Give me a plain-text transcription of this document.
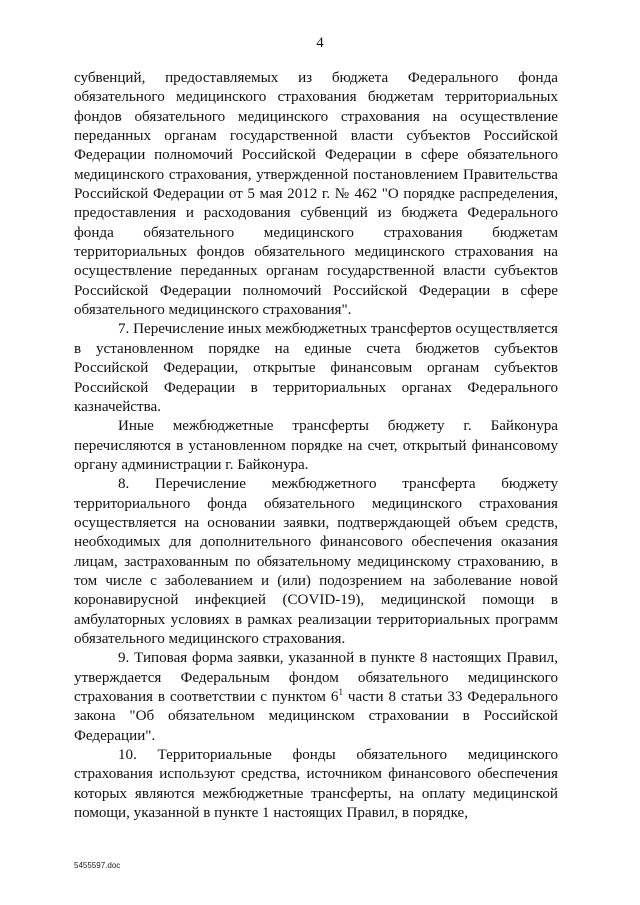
4

субвенций, предоставляемых из бюджета Федерального фонда обязательного медицинского страхования бюджетам территориальных фондов обязательного медицинского страхования на осуществление переданных органам государственной власти субъектов Российской Федерации полномочий Российской Федерации в сфере обязательного медицинского страхования, утвержденной постановлением Правительства Российской Федерации от 5 мая 2012 г. № 462 "О порядке распределения, предоставления и расходования субвенций из бюджета Федерального фонда обязательного медицинского страхования бюджетам территориальных фондов обязательного медицинского страхования на осуществление переданных органам государственной власти субъектов Российской Федерации полномочий Российской Федерации в сфере обязательного медицинского страхования".

7. Перечисление иных межбюджетных трансфертов осуществляется в установленном порядке на единые счета бюджетов субъектов Российской Федерации, открытые финансовым органам субъектов Российской Федерации в территориальных органах Федерального казначейства.

Иные межбюджетные трансферты бюджету г. Байконура перечисляются в установленном порядке на счет, открытый финансовому органу администрации г. Байконура.

8. Перечисление межбюджетного трансферта бюджету территориального фонда обязательного медицинского страхования осуществляется на основании заявки, подтверждающей объем средств, необходимых для дополнительного финансового обеспечения оказания лицам, застрахованным по обязательному медицинскому страхованию, в том числе с заболеванием и (или) подозрением на заболевание новой коронавирусной инфекцией (COVID-19), медицинской помощи в амбулаторных условиях в рамках реализации территориальных программ обязательного медицинского страхования.

9. Типовая форма заявки, указанной в пункте 8 настоящих Правил, утверждается Федеральным фондом обязательного медицинского страхования в соответствии с пунктом $6^1$ части 8 статьи 33 Федерального закона "Об обязательном медицинском страховании в Российской Федерации".

10. Территориальные фонды обязательного медицинского страхования используют средства, источником финансового обеспечения которых являются межбюджетные трансферты, на оплату медицинской помощи, указанной в пункте 1 настоящих Правил, в порядке,

5455597.doc
